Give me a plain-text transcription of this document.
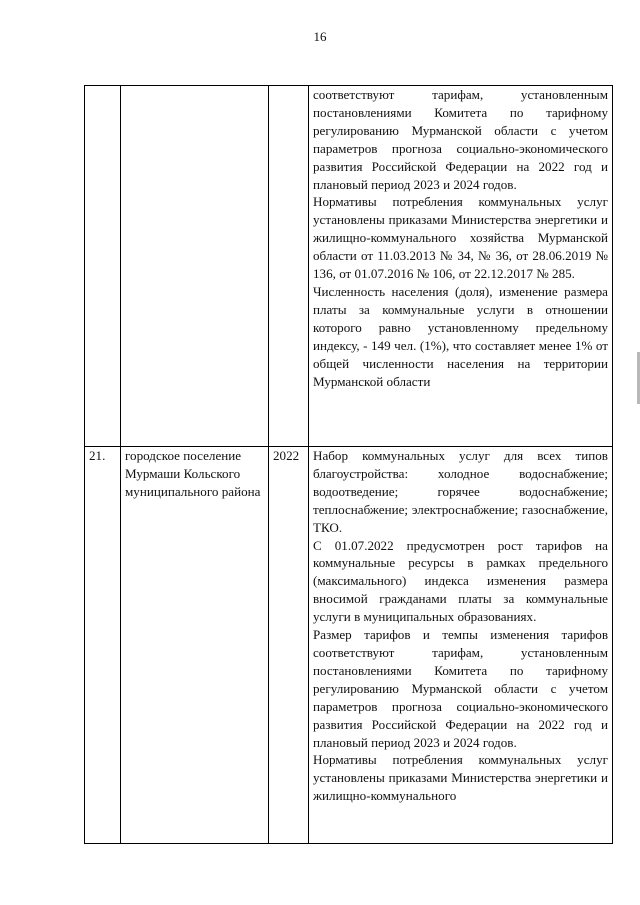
16

			соответствуют тарифам, установленным постановлениями Комитета по тарифному регулированию Мурманской области с учетом параметров прогноза социально-экономического развития Российской Федерации на 2022 год и плановый период 2023 и 2024 годов.

Нормативы потребления коммунальных услуг установлены приказами Министерства энергетики и жилищно-коммунального хозяйства Мурманской области от 11.03.2013 № 34, № 36, от 28.06.2019 № 136, от 01.07.2016 № 106, от 22.12.2017 № 285.

Численность населения (доля), изменение размера платы за коммунальные услуги в отношении которого равно установленному предельному индексу, - 149 чел. (1%), что составляет менее 1% от общей численности населения на территории Мурманской области

21.	городское поселение Мурмаши Кольского муниципального района	2022	Набор коммунальных услуг для всех типов благоустройства: холодное водоснабжение; водоотведение; горячее водоснабжение; теплоснабжение; электроснабжение; газоснабжение, ТКО.

С 01.07.2022 предусмотрен рост тарифов на коммунальные ресурсы в рамках предельного (максимального) индекса изменения размера вносимой гражданами платы за коммунальные услуги в муниципальных образованиях.

Размер тарифов и темпы изменения тарифов соответствуют тарифам, установленным постановлениями Комитета по тарифному регулированию Мурманской области с учетом параметров прогноза социально-экономического развития Российской Федерации на 2022 год и плановый период 2023 и 2024 годов.

Нормативы потребления коммунальных услуг установлены приказами Министерства энергетики и жилищно-коммунального
